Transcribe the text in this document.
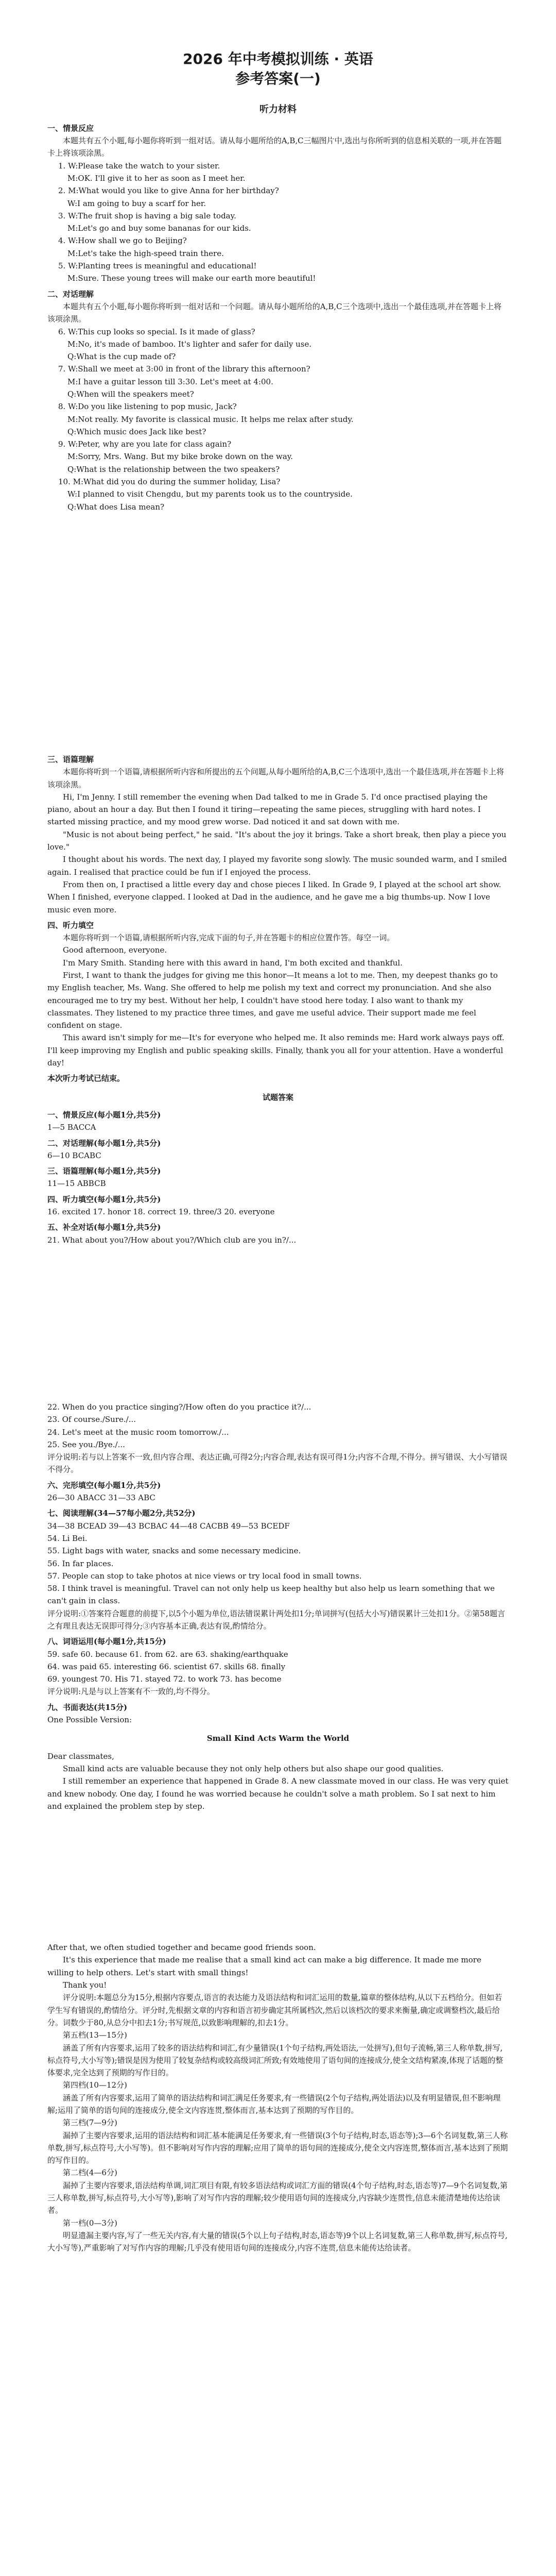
2026 年中考模拟训练 · 英语
参考答案(一)
听力材料

一、情景反应

本题共有五个小题,每小题你将听到一组对话。请从每小题所给的A,B,C三幅图片中,选出与你所听到的信息相关联的一项,并在答题卡上将该项涂黑。

1. W:Please take the watch to your sister.

M:OK. I'll give it to her as soon as I meet her.

2. M:What would you like to give Anna for her birthday?

W:I am going to buy a scarf for her.

3. W:The fruit shop is having a big sale today.

M:Let's go and buy some bananas for our kids.

4. W:How shall we go to Beijing?

M:Let's take the high-speed train there.

5. W:Planting trees is meaningful and educational!

M:Sure. These young trees will make our earth more beautiful!

二、对话理解

本题共有五个小题,每小题你将听到一组对话和一个问题。请从每小题所给的A,B,C三个选项中,选出一个最佳选项,并在答题卡上将该项涂黑。

6. W:This cup looks so special. Is it made of glass?

M:No, it's made of bamboo. It's lighter and safer for daily use.

Q:What is the cup made of?

7. W:Shall we meet at 3:00 in front of the library this afternoon?

M:I have a guitar lesson till 3:30. Let's meet at 4:00.

Q:When will the speakers meet?

8. W:Do you like listening to pop music, Jack?

M:Not really. My favorite is classical music. It helps me relax after study.

Q:Which music does Jack like best?

9. W:Peter, why are you late for class again?

M:Sorry, Mrs. Wang. But my bike broke down on the way.

Q:What is the relationship between the two speakers?

10. M:What did you do during the summer holiday, Lisa?

W:I planned to visit Chengdu, but my parents took us to the countryside.

Q:What does Lisa mean?

三、语篇理解

本题你将听到一个语篇,请根据所听内容和所提出的五个问题,从每小题所给的A,B,C三个选项中,选出一个最佳选项,并在答题卡上将该项涂黑。

Hi, I'm Jenny. I still remember the evening when Dad talked to me in Grade 5. I'd once practised playing the piano, about an hour a day. But then I found it tiring—repeating the same pieces, struggling with hard notes. I started missing practice, and my mood grew worse. Dad noticed it and sat down with me.

"Music is not about being perfect," he said. "It's about the joy it brings. Take a short break, then play a piece you love."

I thought about his words. The next day, I played my favorite song slowly. The music sounded warm, and I smiled again. I realised that practice could be fun if I enjoyed the process.

From then on, I practised a little every day and chose pieces I liked. In Grade 9, I played at the school art show. When I finished, everyone clapped. I looked at Dad in the audience, and he gave me a big thumbs-up. Now I love music even more.

四、听力填空

本题你将听到一个语篇,请根据所听内容,完成下面的句子,并在答题卡的相应位置作答。每空一词。

Good afternoon, everyone.

I'm Mary Smith. Standing here with this award in hand, I'm both excited and thankful.

First, I want to thank the judges for giving me this honor—It means a lot to me. Then, my deepest thanks go to my English teacher, Ms. Wang. She offered to help me polish my text and correct my pronunciation. And she also encouraged me to try my best. Without her help, I couldn't have stood here today. I also want to thank my classmates. They listened to my practice three times, and gave me useful advice. Their support made me feel confident on stage.

This award isn't simply for me—It's for everyone who helped me. It also reminds me: Hard work always pays off. I'll keep improving my English and public speaking skills. Finally, thank you all for your attention. Have a wonderful day!

本次听力考试已结束。

试题答案

一、情景反应(每小题1分,共5分)

1—5 BACCA

二、对话理解(每小题1分,共5分)

6—10 BCABC

三、语篇理解(每小题1分,共5分)

11—15 ABBCB

四、听力填空(每小题1分,共5分)

16. excited 17. honor 18. correct 19. three/3 20. everyone

五、补全对话(每小题1分,共5分)

21. What about you?/How about you?/Which club are you in?/...

22. When do you practice singing?/How often do you practice it?/...

23. Of course./Sure./...

24. Let's meet at the music room tomorrow./...

25. See you./Bye./...

评分说明:若与以上答案不一致,但内容合理、表达正确,可得2分;内容合理,表达有误可得1分;内容不合理,不得分。拼写错误、大小写错误不得分。

六、完形填空(每小题1分,共5分)

26—30 ABACC 31—33 ABC

七、阅读理解(34—57每小题2分,共52分)

34—38 BCEAD 39—43 BCBAC 44—48 CACBB 49—53 BCEDF

54. Li Bei.

55. Light bags with water, snacks and some necessary medicine.

56. In far places.

57. People can stop to take photos at nice views or try local food in small towns.

58. I think travel is meaningful. Travel can not only help us keep healthy but also help us learn something that we can't gain in class.

评分说明:①答案符合题意的前提下,以5个小题为单位,语法错误累计两处扣1分;单词拼写(包括大小写)错误累计三处扣1分。②第58题言之有理且表达无误即可得分;③内容基本正确,表达有误,酌情给分。

八、词语运用(每小题1分,共15分)

59. safe 60. because 61. from 62. are 63. shaking/earthquake

64. was paid 65. interesting 66. scientist 67. skills 68. finally

69. youngest 70. His 71. stayed 72. to work 73. has become

评分说明:凡是与以上答案有不一致的,均不得分。

九、书面表达(共15分)

One Possible Version:

Small Kind Acts Warm the World

Dear classmates,

Small kind acts are valuable because they not only help others but also shape our good qualities.

I still remember an experience that happened in Grade 8. A new classmate moved in our class. He was very quiet and knew nobody. One day, I found he was worried because he couldn't solve a math problem. So I sat next to him and explained the problem step by step.

After that, we often studied together and became good friends soon.

It's this experience that made me realise that a small kind act can make a big difference. It made me more willing to help others. Let's start with small things!

Thank you!

评分说明:本题总分为15分,根据内容要点,语言的表达能力及语法结构和词汇运用的数量,篇章的整体结构,从以下五档给分。但如若学生写有错误的,酌情给分。评分时,先根据文章的内容和语言初步确定其所属档次,然后以该档次的要求来衡量,确定或调整档次,最后给分。词数少于80,从总分中扣去1分;书写规范,以致影响理解的,扣去1分。

第五档(13—15分)

涵盖了所有内容要求,运用了较多的语法结构和词汇,有少量错误(1个句子结构,两处语法,一处拼写),但句子流畅,第三人称单数,拼写,标点符号,大小写等);错误是因为使用了较复杂结构或较高级词汇所致;有效地使用了语句间的连接成分,使全文结构紧凑,体现了话题的整体要求,完全达到了预期的写作目的。

第四档(10—12分)

涵盖了所有内容要求,运用了简单的语法结构和词汇满足任务要求,有一些错误(2个句子结构,两处语法)以及有明显错误,但不影响理解;运用了简单的语句间的连接成分,使全文内容连贯,整体而言,基本达到了预期的写作目的。

第三档(7—9分)

漏掉了主要内容要求,运用的语法结构和词汇基本能满足任务要求,有一些错误(3个句子结构,时态,语态等);3—6个名词复数,第三人称单数,拼写,标点符号,大小写等)。但不影响对写作内容的理解;应用了简单的语句间的连接成分,使全文内容连贯,整体而言,基本达到了预期的写作目的。

第二档(4—6分)

漏掉了主要内容要求,语法结构单调,词汇项目有限,有较多语法结构或词汇方面的错误(4个句子结构,时态,语态等)7—9个名词复数,第三人称单数,拼写,标点符号,大小写等),影响了对写作内容的理解;较少使用语句间的连接成分,内容缺少连贯性,信息未能清楚地传达给读者。

第一档(0—3分)

明显遗漏主要内容,写了一些无关内容,有大量的错误(5个以上句子结构,时态,语态等)9个以上名词复数,第三人称单数,拼写,标点符号,大小写等),严重影响了对写作内容的理解;几乎没有使用语句间的连接成分,内容不连贯,信息未能传达给读者。
